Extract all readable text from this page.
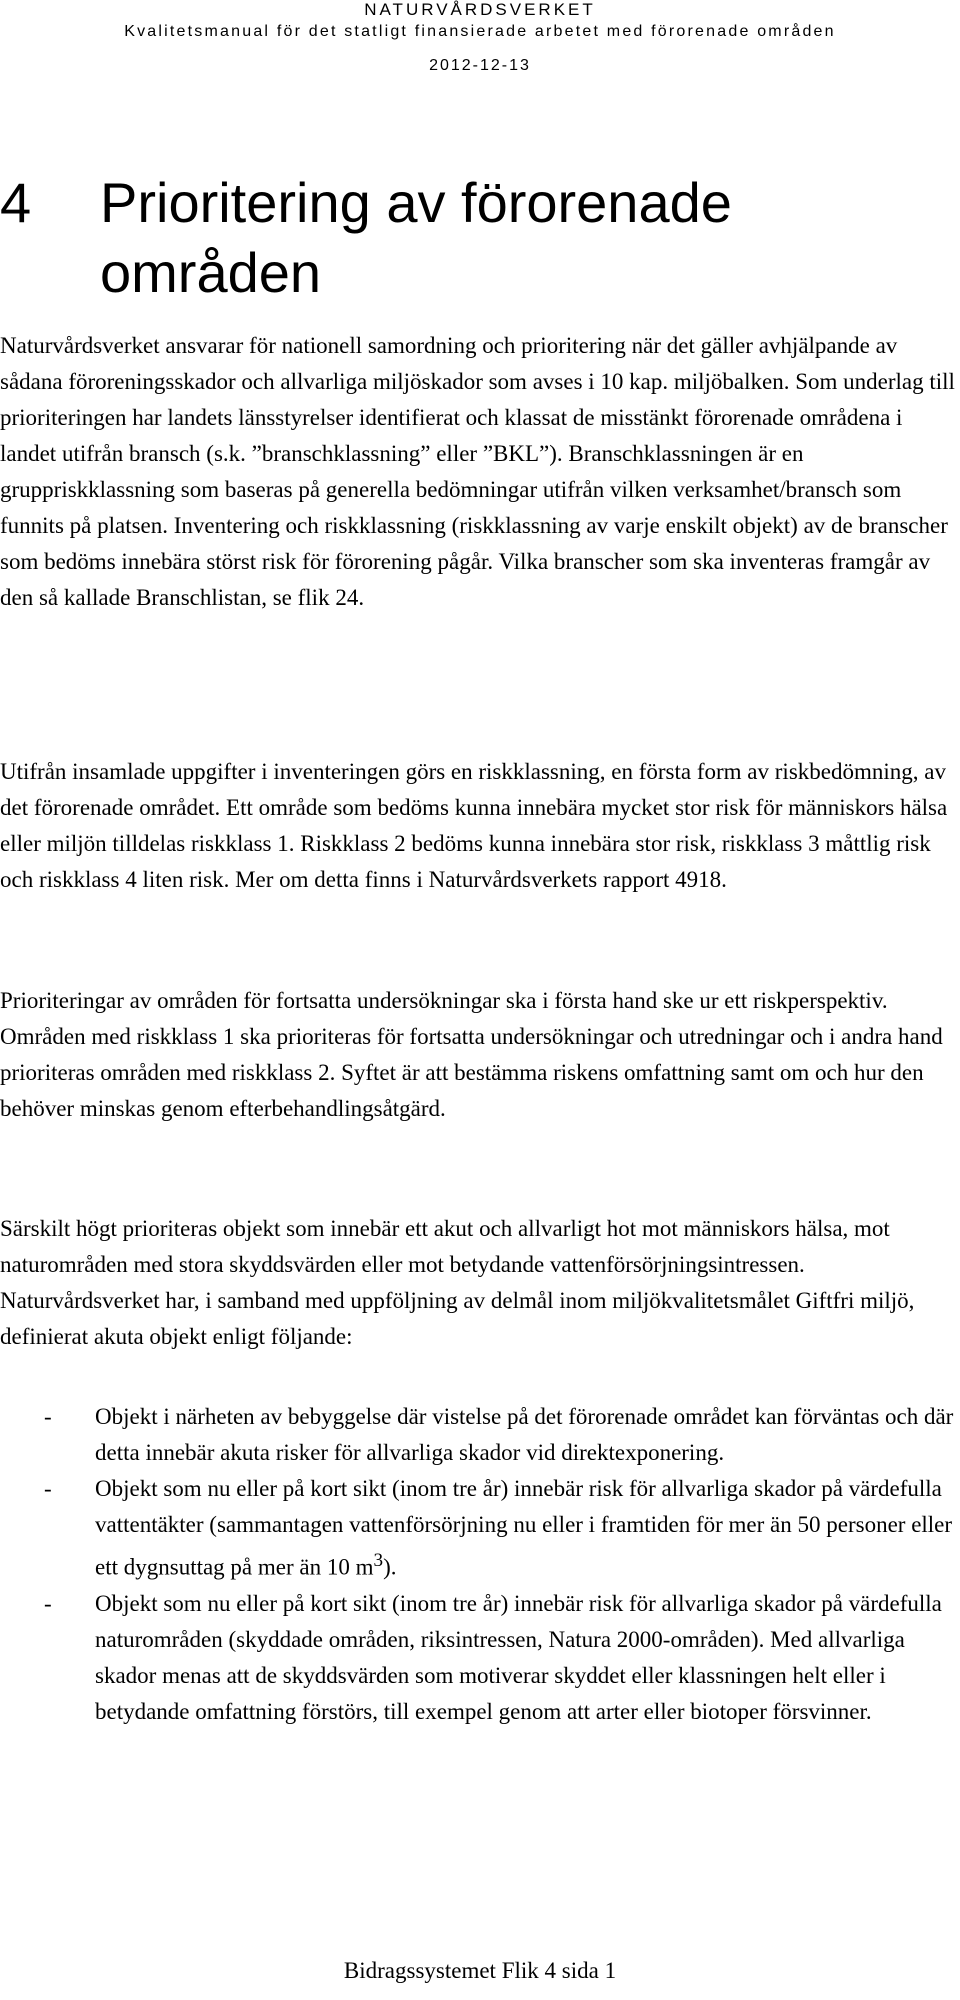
NATURVÅRDSVERKET
Kvalitetsmanual för det statligt finansierade arbetet med förorenade områden
2012-12-13
4 Prioritering av förorenade områden

Naturvårdsverket ansvarar för nationell samordning och prioritering när det gäller avhjälpande av sådana föroreningsskador och allvarliga miljöskador som avses i 10 kap. miljöbalken. Som underlag till prioriteringen har landets länsstyrelser identifierat och klassat de misstänkt förorenade områdena i landet utifrån bransch (s.k. ”branschklassning” eller ”BKL”). Branschklassningen är en gruppriskklassning som baseras på generella bedömningar utifrån vilken verksamhet/bransch som funnits på platsen. Inventering och riskklassning (riskklassning av varje enskilt objekt) av de branscher som bedöms innebära störst risk för förorening pågår. Vilka branscher som ska inventeras framgår av den så kallade Branschlistan, se flik 24.

Utifrån insamlade uppgifter i inventeringen görs en riskklassning, en första form av riskbedömning, av det förorenade området. Ett område som bedöms kunna innebära mycket stor risk för människors hälsa eller miljön tilldelas riskklass 1. Riskklass 2 bedöms kunna innebära stor risk, riskklass 3 måttlig risk och riskklass 4 liten risk. Mer om detta finns i Naturvårdsverkets rapport 4918.

Prioriteringar av områden för fortsatta undersökningar ska i första hand ske ur ett riskperspektiv. Områden med riskklass 1 ska prioriteras för fortsatta undersökningar och utredningar och i andra hand prioriteras områden med riskklass 2. Syftet är att bestämma riskens omfattning samt om och hur den behöver minskas genom efterbehandlingsåtgärd.

Särskilt högt prioriteras objekt som innebär ett akut och allvarligt hot mot människors hälsa, mot naturområden med stora skyddsvärden eller mot betydande vattenförsörjningsintressen. Naturvårdsverket har, i samband med uppföljning av delmål inom miljökvalitetsmålet Giftfri miljö, definierat akuta objekt enligt följande:

- Objekt i närheten av bebyggelse där vistelse på det förorenade området kan förväntas och där detta innebär akuta risker för allvarliga skador vid direktexponering.
- Objekt som nu eller på kort sikt (inom tre år) innebär risk för allvarliga skador på värdefulla vattentäkter (sammantagen vattenförsörjning nu eller i framtiden för mer än 50 personer eller ett dygnsuttag på mer än 10 $m^3$).
- Objekt som nu eller på kort sikt (inom tre år) innebär risk för allvarliga skador på värdefulla naturområden (skyddade områden, riksintressen, Natura 2000-områden). Med allvarliga skador menas att de skyddsvärden som motiverar skyddet eller klassningen helt eller i betydande omfattning förstörs, till exempel genom att arter eller biotoper försvinner.
Bidragssystemet Flik 4 sida 1
